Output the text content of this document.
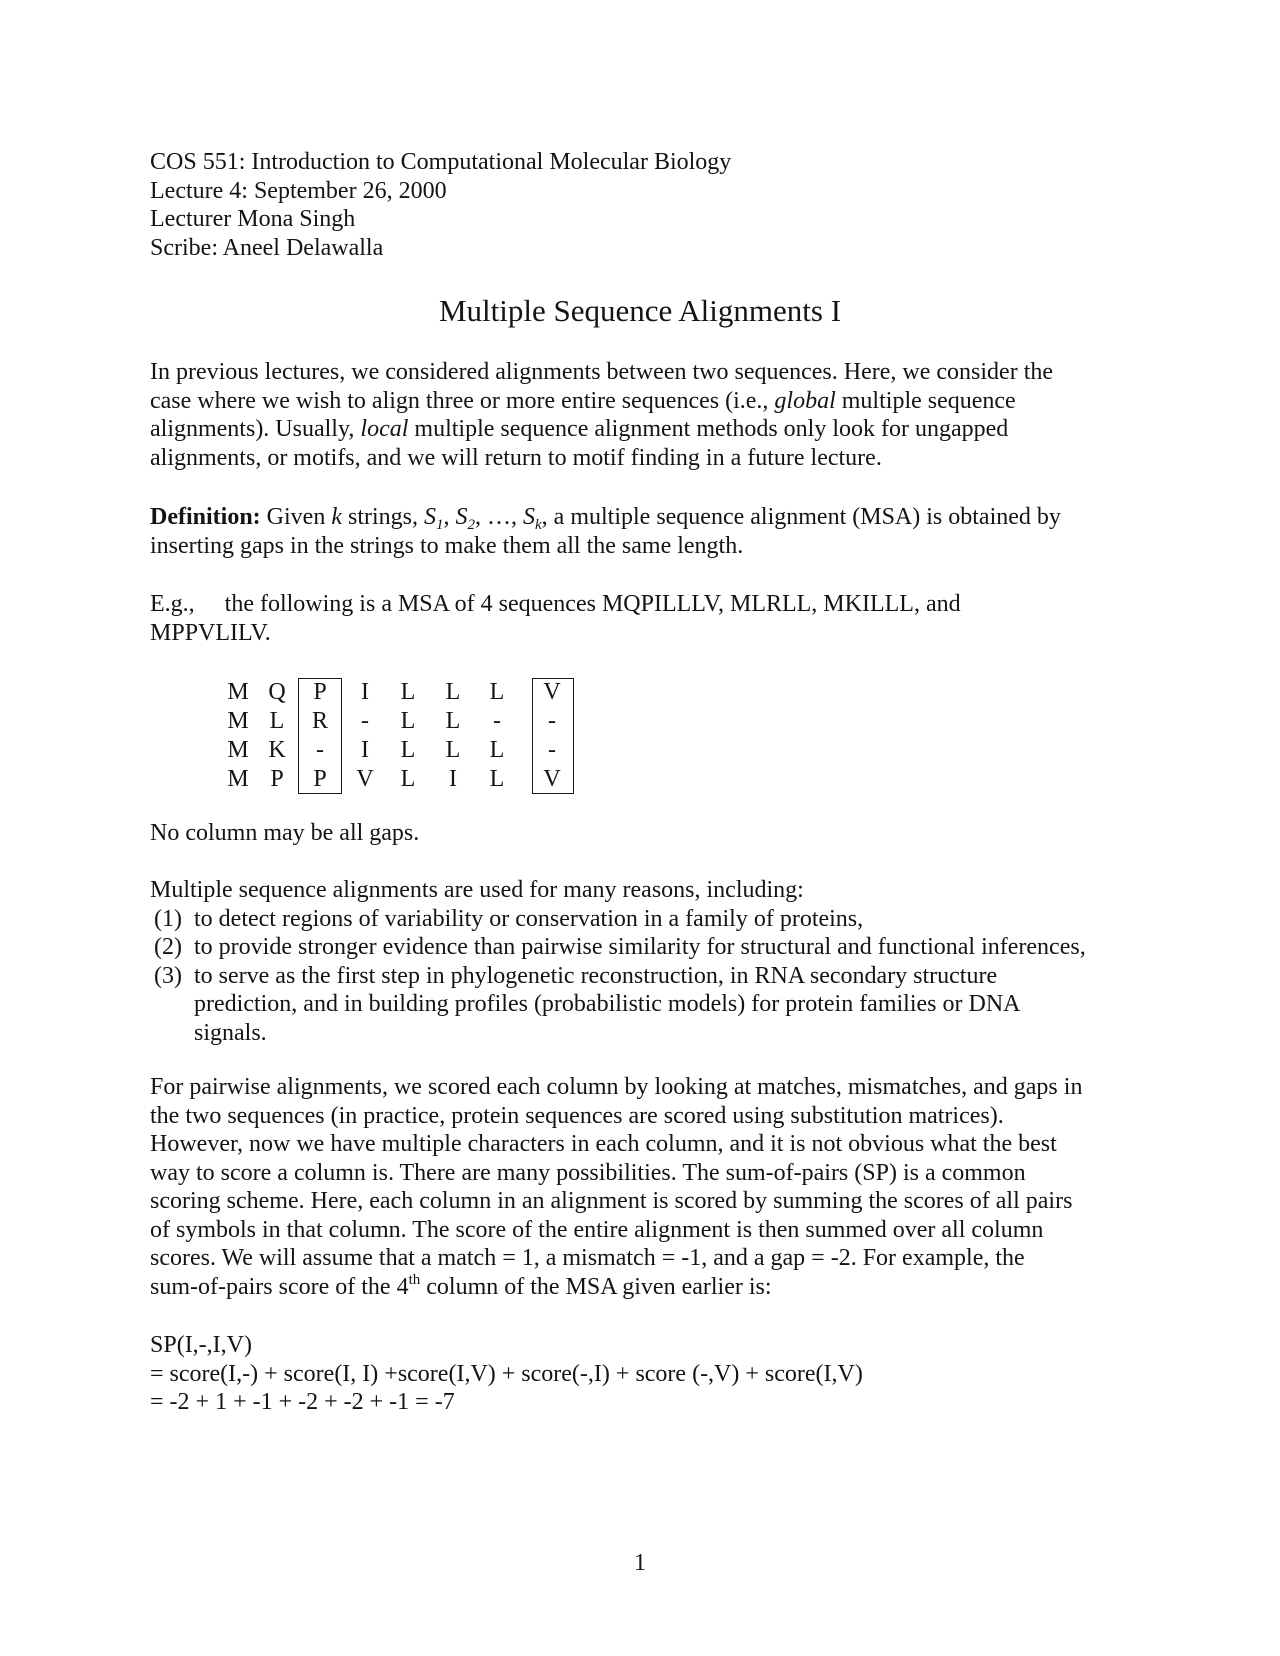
COS 551: Introduction to Computational Molecular Biology
Lecture 4: September 26, 2000
Lecturer Mona Singh
Scribe: Aneel Delawalla
Multiple Sequence Alignments I
In previous lectures, we considered alignments between two sequences. Here, we consider the
case where we wish to align three or more entire sequences (i.e., global multiple sequence
alignments). Usually, local multiple sequence alignment methods only look for ungapped
alignments, or motifs, and we will return to motif finding in a future lecture.
Definition: Given k strings, $S_1$, $S_2$, …, $S_k$, a multiple sequence alignment (MSA) is obtained by
inserting gaps in the strings to make them all the same length.
E.g.,     the following is a MSA of 4 sequences MQPILLLV, MLRLL, MKILLL, and
MPPVLILV.
M Q	P	I	L	L	L	V
M L	R	-	L	L	-	-
M K	-	I	L	L	L	-
M P	P	V	L	I	L	V
No column may be all gaps.
Multiple sequence alignments are used for many reasons, including:
(1) to detect regions of variability or conservation in a family of proteins,
(2) to provide stronger evidence than pairwise similarity for structural and functional inferences,
(3) to serve as the first step in phylogenetic reconstruction, in RNA secondary structure
prediction, and in building profiles (probabilistic models) for protein families or DNA
signals.
For pairwise alignments, we scored each column by looking at matches, mismatches, and gaps in
the two sequences (in practice, protein sequences are scored using substitution matrices).
However, now we have multiple characters in each column, and it is not obvious what the best
way to score a column is. There are many possibilities. The sum-of-pairs (SP) is a common
scoring scheme. Here, each column in an alignment is scored by summing the scores of all pairs
of symbols in that column. The score of the entire alignment is then summed over all column
scores. We will assume that a match = 1, a mismatch = -1, and a gap = -2. For example, the
sum-of-pairs score of the 4th column of the MSA given earlier is:
SP(I,-,I,V)
= score(I,-) + score(I, I) +score(I,V) + score(-,I) + score (-,V) + score(I,V)
= -2 + 1 + -1 + -2 + -2 + -1 = -7
1
